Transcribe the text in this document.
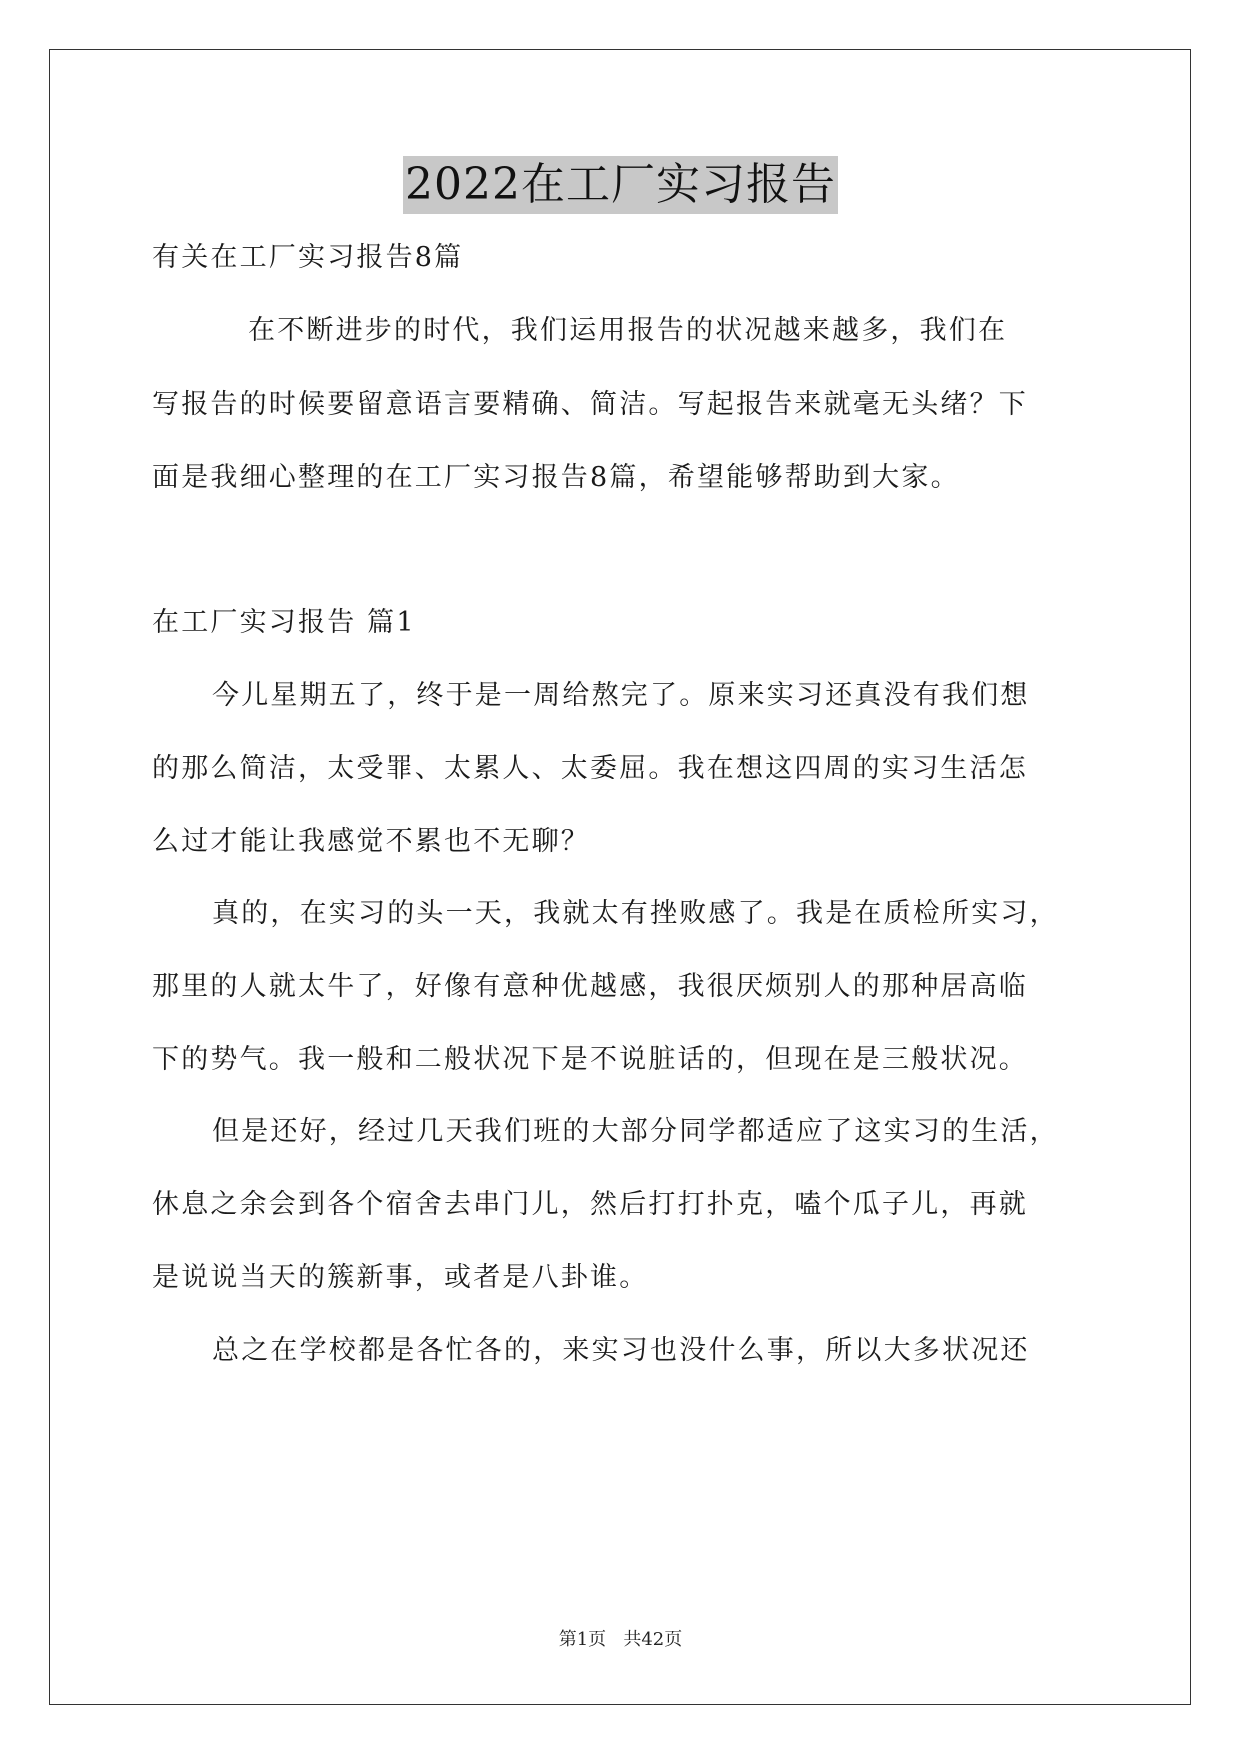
2022在工厂实习报告
有关在工厂实习报告8篇
在不断进步的时代，我们运用报告的状况越来越多，我们在
写报告的时候要留意语言要精确、简洁。写起报告来就毫无头绪？下
面是我细心整理的在工厂实习报告8篇，希望能够帮助到大家。
在工厂实习报告 篇1
今儿星期五了，终于是一周给熬完了。原来实习还真没有我们想
的那么简洁，太受罪、太累人、太委屈。我在想这四周的实习生活怎
么过才能让我感觉不累也不无聊？
真的，在实习的头一天，我就太有挫败感了。我是在质检所实习，
那里的人就太牛了，好像有意种优越感，我很厌烦别人的那种居高临
下的势气。我一般和二般状况下是不说脏话的，但现在是三般状况。
但是还好，经过几天我们班的大部分同学都适应了这实习的生活，
休息之余会到各个宿舍去串门儿，然后打打扑克，嗑个瓜子儿，再就
是说说当天的簇新事，或者是八卦谁。
总之在学校都是各忙各的，来实习也没什么事，所以大多状况还
第1页   共42页
